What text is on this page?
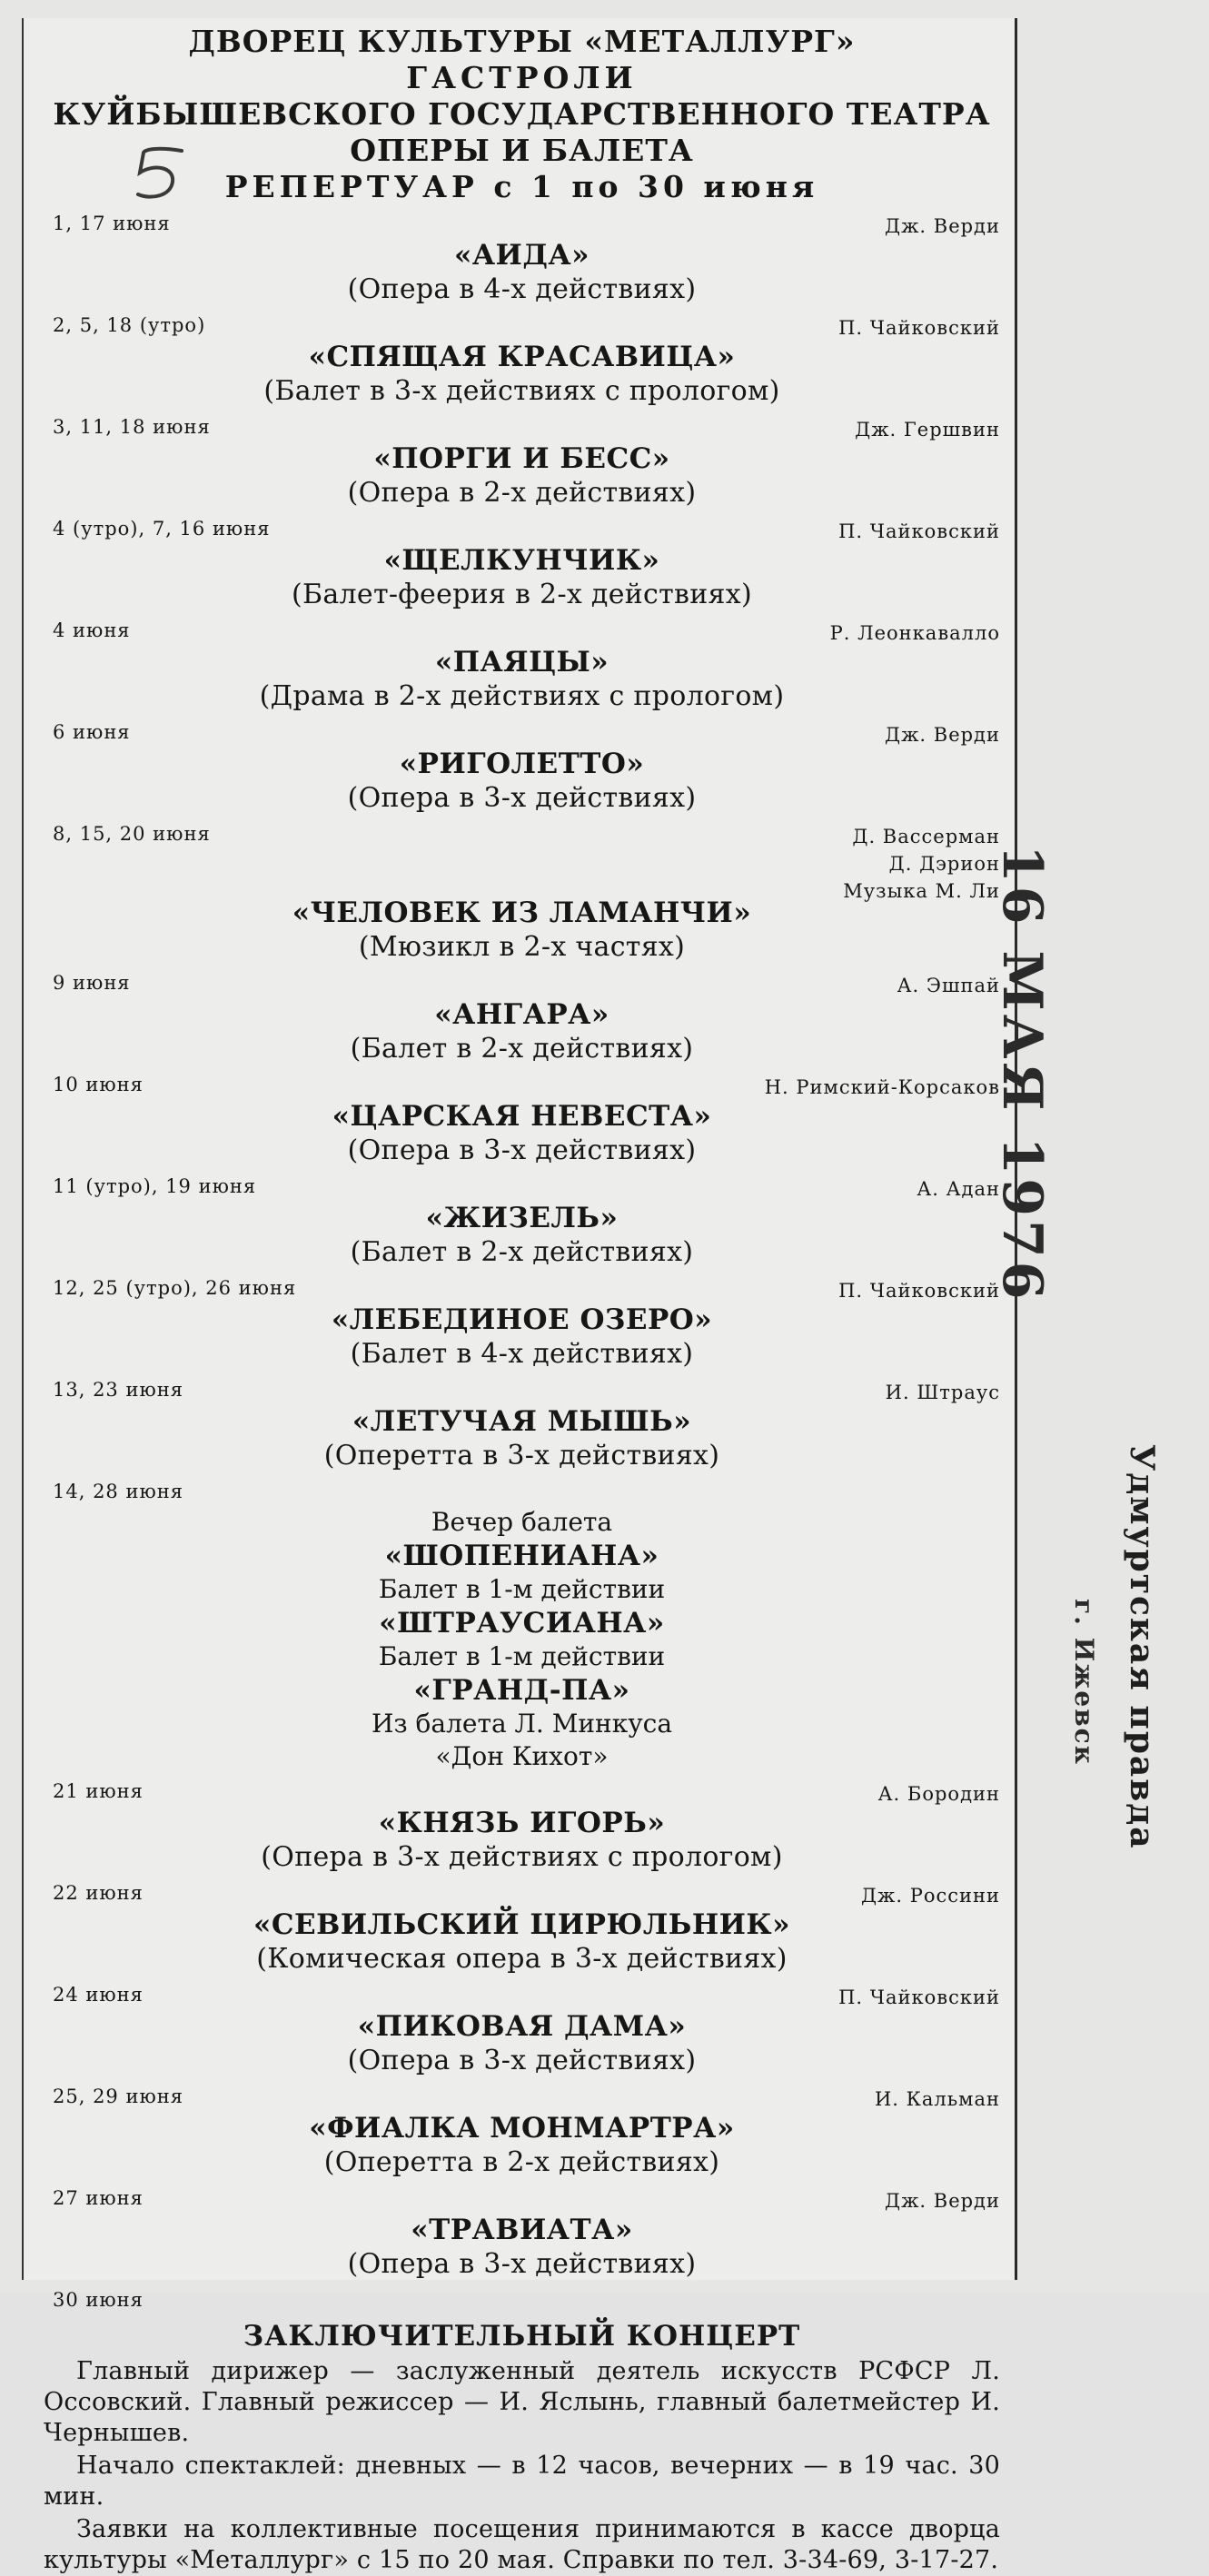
ДВОРЕЦ КУЛЬТУРЫ «МЕТАЛЛУРГ»
ГАСТРОЛИ
КУЙБЫШЕВСКОГО ГОСУДАРСТВЕННОГО ТЕАТРА
ОПЕРЫ И БАЛЕТА
РЕПЕРТУАР с 1 по 30 июня
1, 17 июня	Дж. Верди
«АИДА»
(Опера в 4-х действиях)
2, 5, 18 (утро)	П. Чайковский
«СПЯЩАЯ КРАСАВИЦА»
(Балет в 3-х действиях с прологом)
3, 11, 18 июня	Дж. Гершвин
«ПОРГИ И БЕСС»
(Опера в 2-х действиях)
4 (утро), 7, 16 июня	П. Чайковский
«ЩЕЛКУНЧИК»
(Балет-феерия в 2-х действиях)
4 июня	Р. Леонкавалло
«ПАЯЦЫ»
(Драма в 2-х действиях с прологом)
6 июня	Дж. Верди
«РИГОЛЕТТО»
(Опера в 3-х действиях)
8, 15, 20 июня	Д. Вассерман
Д. Дэрион
Музыка М. Ли
«ЧЕЛОВЕК ИЗ ЛАМАНЧИ»
(Мюзикл в 2-х частях)
9 июня	А. Эшпай
«АНГАРА»
(Балет в 2-х действиях)
10 июня	Н. Римский-Корсаков
«ЦАРСКАЯ НЕВЕСТА»
(Опера в 3-х действиях)
11 (утро), 19 июня	А. Адан
«ЖИЗЕЛЬ»
(Балет в 2-х действиях)
12, 25 (утро), 26 июня	П. Чайковский
«ЛЕБЕДИНОЕ ОЗЕРО»
(Балет в 4-х действиях)
13, 23 июня	И. Штраус
«ЛЕТУЧАЯ МЫШЬ»
(Оперетта в 3-х действиях)
14, 28 июня
Вечер балета
«ШОПЕНИАНА»
Балет в 1-м действии
«ШТРАУСИАНА»
Балет в 1-м действии
«ГРАНД-ПА»
Из балета Л. Минкуса
«Дон Кихот»
21 июня	А. Бородин
«КНЯЗЬ ИГОРЬ»
(Опера в 3-х действиях с прологом)
22 июня	Дж. Россини
«СЕВИЛЬСКИЙ ЦИРЮЛЬНИК»
(Комическая опера в 3-х действиях)
24 июня	П. Чайковский
«ПИКОВАЯ ДАМА»
(Опера в 3-х действиях)
25, 29 июня	И. Кальман
«ФИАЛКА МОНМАРТРА»
(Оперетта в 2-х действиях)
27 июня	Дж. Верди
«ТРАВИАТА»
(Опера в 3-х действиях)
30 июня
ЗАКЛЮЧИТЕЛЬНЫЙ КОНЦЕРТ

Главный дирижер — заслуженный деятель искусств РСФСР Л. Оссовский. Главный режиссер — И. Яслынь, главный балетмейстер И. Чернышев.

Начало спектаклей: дневных — в 12 часов, вечерних — в 19 час. 30 мин.

Заявки на коллективные посещения принимаются в кассе дворца культуры «Металлург» с 15 по 20 мая. Справки по тел. 3-34-69, 3-17-27.

5
16 МАЯ 1976
Удмуртская правда
г. Ижевск
